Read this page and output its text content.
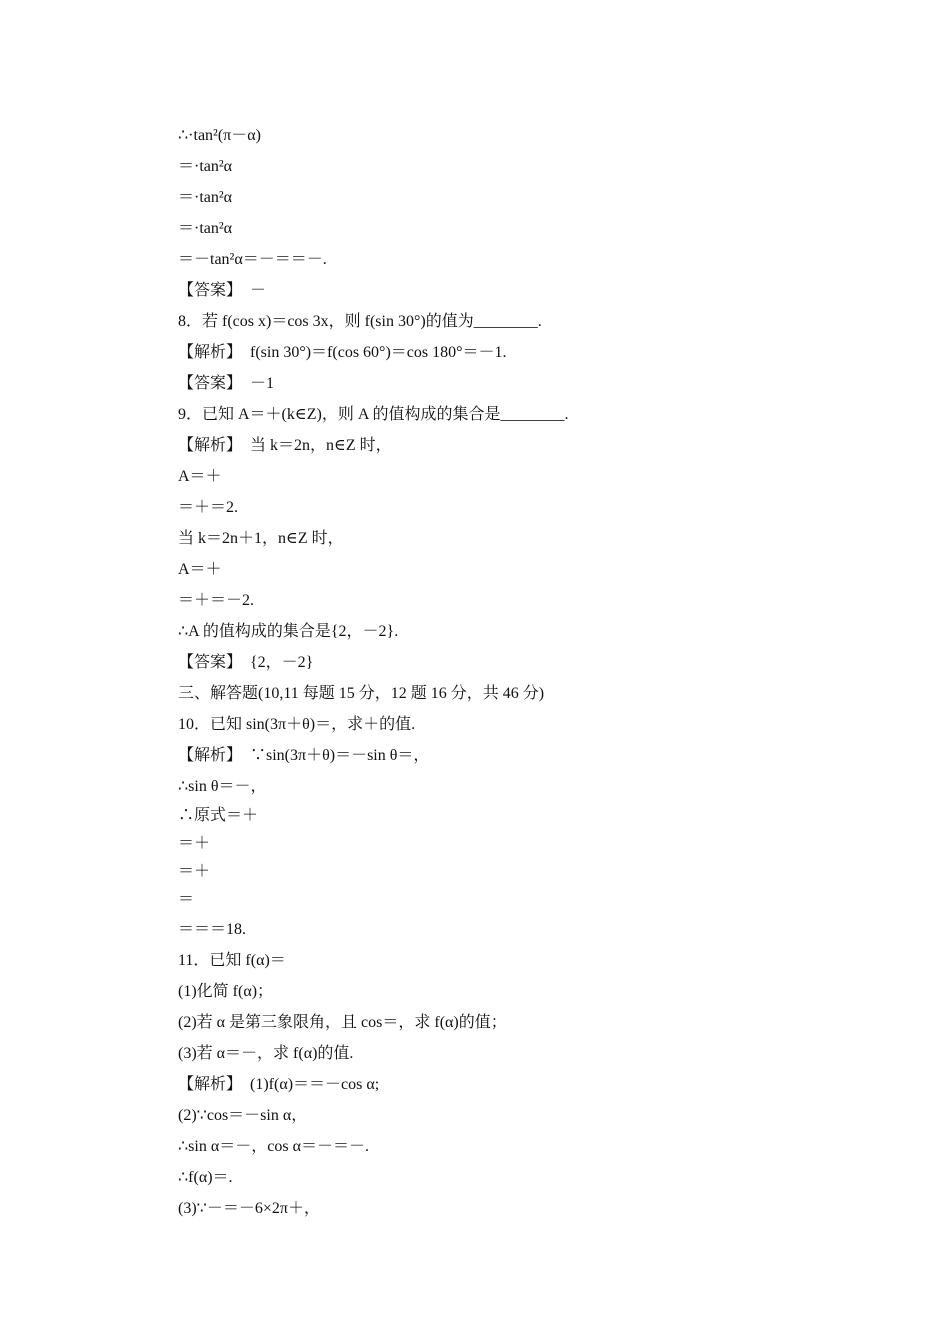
∴·tan²(π－α)
＝·tan²α
＝·tan²α
＝·tan²α
＝－tan²α＝－＝＝－.
【答案】　－
8．若 f(cos x)＝cos 3x，则 f(sin 30°)的值为________.
【解析】　f(sin 30°)＝f(cos 60°)＝cos 180°＝－1.
【答案】　－1
9．已知 A＝＋(k∈Z)，则 A 的值构成的集合是________.
【解析】　当 k＝2n，n∈Z 时，
A＝＋
＝＋＝2.
当 k＝2n＋1，n∈Z 时，
A＝＋
＝＋＝－2.
∴A 的值构成的集合是{2，－2}.
【答案】　{2，－2}
三、解答题(10,11 每题 15 分，12 题 16 分，共 46 分)
10．已知 sin(3π＋θ)＝，求＋的值.
【解析】　∵sin(3π＋θ)＝－sin θ＝，
∴sin θ＝－，
∴原式＝＋
＝＋
＝＋
＝
＝＝＝18.
11．已知 f(α)＝
(1)化简 f(α)；
(2)若 α 是第三象限角，且 cos＝，求 f(α)的值；
(3)若 α＝－，求 f(α)的值.
【解析】　(1)f(α)＝＝－cos α;
(2)∵cos＝－sin α，
∴sin α＝－，cos α＝－＝－.
∴f(α)＝.
(3)∵－＝－6×2π＋，
